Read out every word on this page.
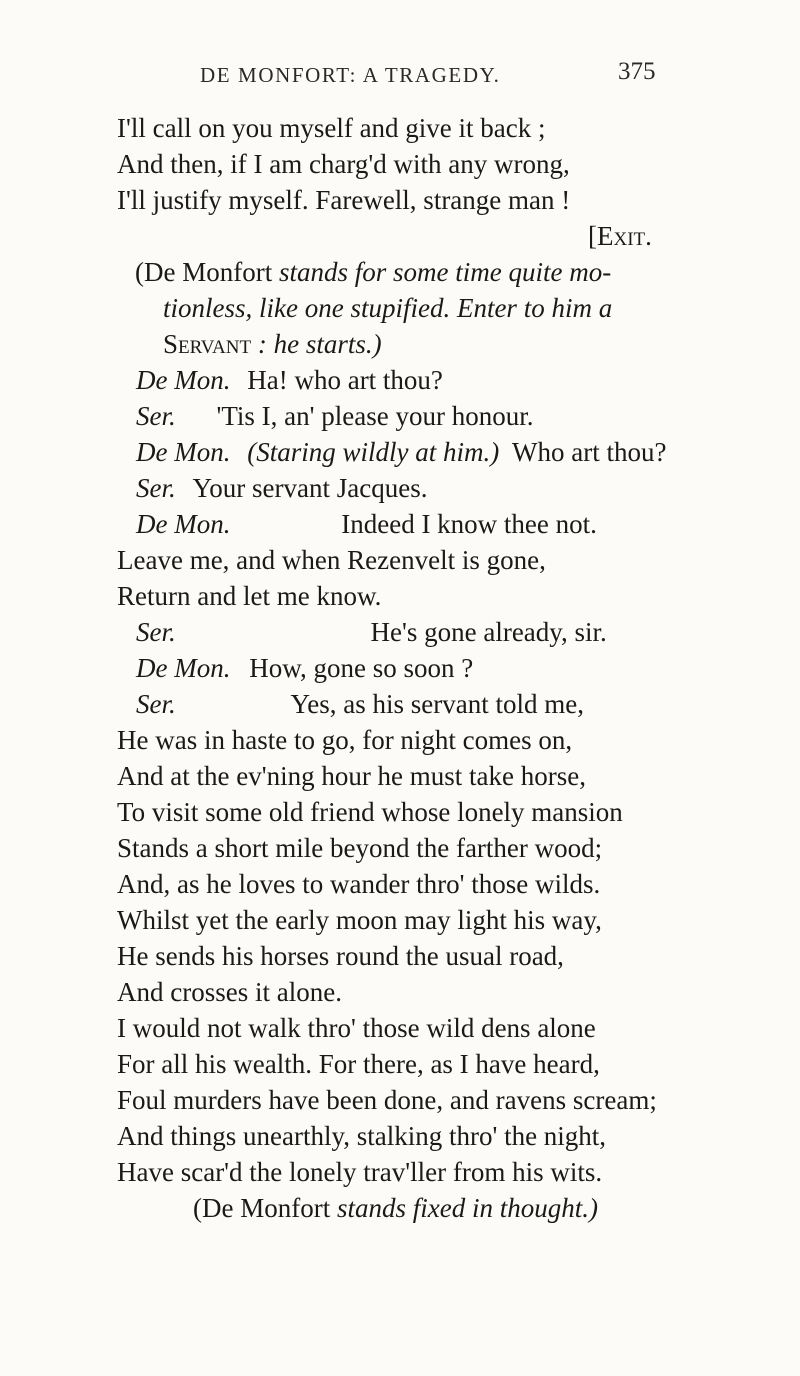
DE MONFORT: A TRAGEDY.	375
I'll call on you myself and give it back ;
And then, if I am charg'd with any wrong,
I'll justify myself. Farewell, strange man !
[Exit.
(De Monfort stands for some time quite mo-
tionless, like one stupified. Enter to him a
Servant : he starts.)
De Mon. Ha! who art thou?
Ser. 'Tis I, an' please your honour.
De Mon. (Staring wildly at him.) Who art thou?
Ser. Your servant Jacques.
De Mon.	Indeed I know thee not.
Leave me, and when Rezenvelt is gone,
Return and let me know.
Ser.	He's gone already, sir.
De Mon. How, gone so soon ?
Ser.	Yes, as his servant told me,
He was in haste to go, for night comes on,
And at the ev'ning hour he must take horse,
To visit some old friend whose lonely mansion
Stands a short mile beyond the farther wood;
And, as he loves to wander thro' those wilds.
Whilst yet the early moon may light his way,
He sends his horses round the usual road,
And crosses it alone.
I would not walk thro' those wild dens alone
For all his wealth. For there, as I have heard,
Foul murders have been done, and ravens scream;
And things unearthly, stalking thro' the night,
Have scar'd the lonely trav'ller from his wits.
(De Monfort stands fixed in thought.)
